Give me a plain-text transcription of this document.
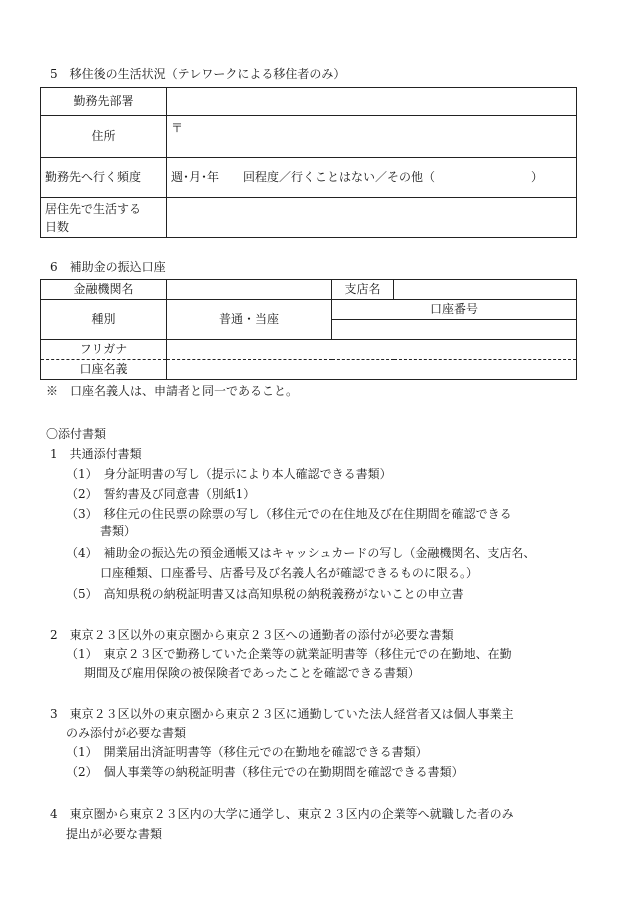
5　移住後の生活状況（テレワークによる移住者のみ）
勤務先部署	
住所	〒
勤務先へ行く頻度	週･月･年　　回程度／行くことはない／その他（　　　　　　　　）

居住先で生活する
日数	

6　補助金の振込口座
金融機関名		支店名	
種別	普通・当座	口座番号	

フリガナ			
口座名義			
※　口座名義人は、申請者と同一であること。
〇添付書類
1　共通添付書類
（1）　身分証明書の写し（提示により本人確認できる書類）
（2）　誓約書及び同意書（別紙1）
（3）　移住元の住民票の除票の写し（移住元での在住地及び在住期間を確認できる
書類）
（4）　補助金の振込先の預金通帳又はキャッシュカードの写し（金融機関名、支店名、
口座種類、口座番号、店番号及び名義人名が確認できるものに限る。）
（5）　高知県税の納税証明書又は高知県税の納税義務がないことの申立書
2　東京２３区以外の東京圏から東京２３区への通勤者の添付が必要な書類
（1）　東京２３区で勤務していた企業等の就業証明書等（移住元での在勤地、在勤
期間及び雇用保険の被保険者であったことを確認できる書類）
3　東京２３区以外の東京圏から東京２３区に通勤していた法人経営者又は個人事業主
のみ添付が必要な書類
（1）　開業届出済証明書等（移住元での在勤地を確認できる書類）
（2）　個人事業等の納税証明書（移住元での在勤期間を確認できる書類）
4　東京圏から東京２３区内の大学に通学し、東京２３区内の企業等へ就職した者のみ
提出が必要な書類
